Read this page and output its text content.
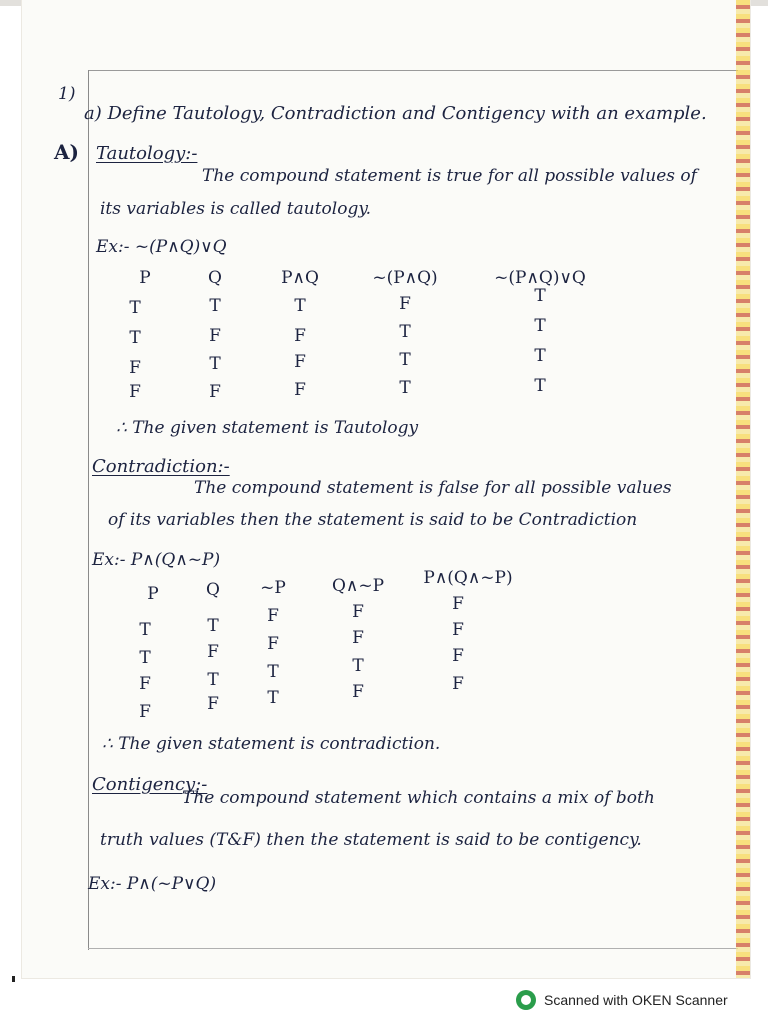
1)
a) Define Tautology, Contradiction and Contigency with an example.
A) Tautology:-
The compound statement is true for all possible values of
its variables is called tautology.
Ex:- ~(P∧Q)∨Q
P	Q	P∧Q	~(P∧Q)	~(P∧Q)∨Q
T	T	T	F	T
T	F	F	T	T
F	T	F	T	T
F	F	F	T	T
∴ The given statement is Tautology
Contradiction:-
The compound statement is false for all possible values
of its variables then the statement is said to be Contradiction
Ex:- P∧(Q∧~P)
P	Q	~P	Q∧~P	P∧(Q∧~P)
T	T	F	F	F
T	F	F	F	F
F	T	T	T	F
F	F	T	F	F
∴ The given statement is contradiction.
Contigency:-
The compound statement which contains a mix of both
truth values (T&F) then the statement is said to be contigency.
Ex:- P∧(~P∨Q)
Scanned with OKEN Scanner
